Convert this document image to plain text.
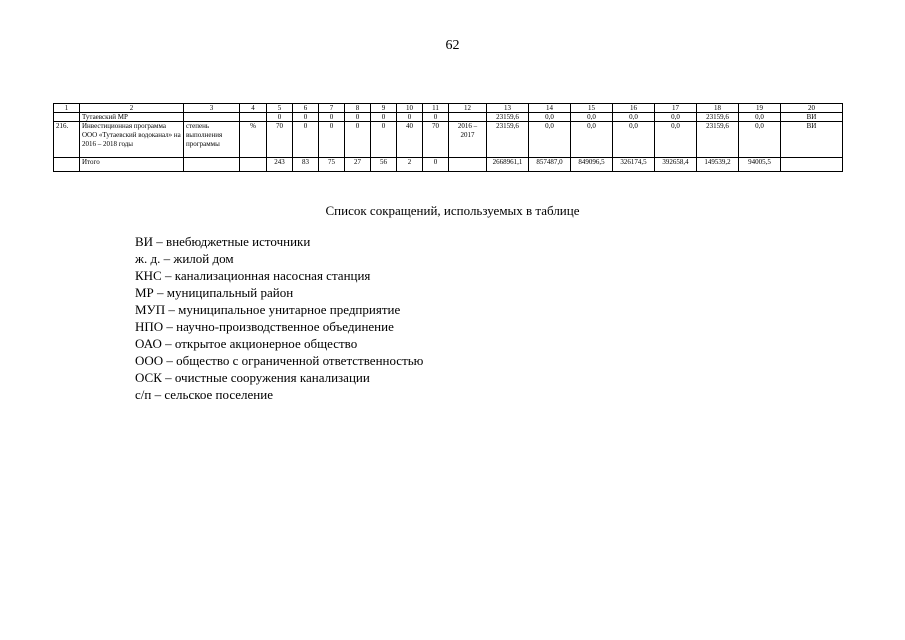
62
1	2	3	4	5	6	7	8	9	10	11	12	13	14	15	16	17	18	19	20
	Тутаевский МР			0	0	0	0	0	0	0		23159,6	0,0	0,0	0,0	0,0	23159,6	0,0	ВИ
216.	Инвестиционная программа ООО «Тутаевский водоканал» на 2016 – 2018 годы	степень выполнения программы	%	70	0	0	0	0	40	70	2016 – 2017	23159,6	0,0	0,0	0,0	0,0	23159,6	0,0	ВИ
	Итого			243	83	75	27	56	2	0		2668961,1	857487,0	849096,5	326174,5	392658,4	149539,2	94005,5	
Список сокращений, используемых в таблице
ВИ – внебюджетные источники
ж. д. – жилой дом
КНС – канализационная насосная станция
МР – муниципальный район
МУП – муниципальное унитарное предприятие
НПО – научно-производственное объединение
ОАО – открытое акционерное общество
ООО – общество с ограниченной ответственностью
ОСК – очистные сооружения канализации
с/п – сельское поселение
